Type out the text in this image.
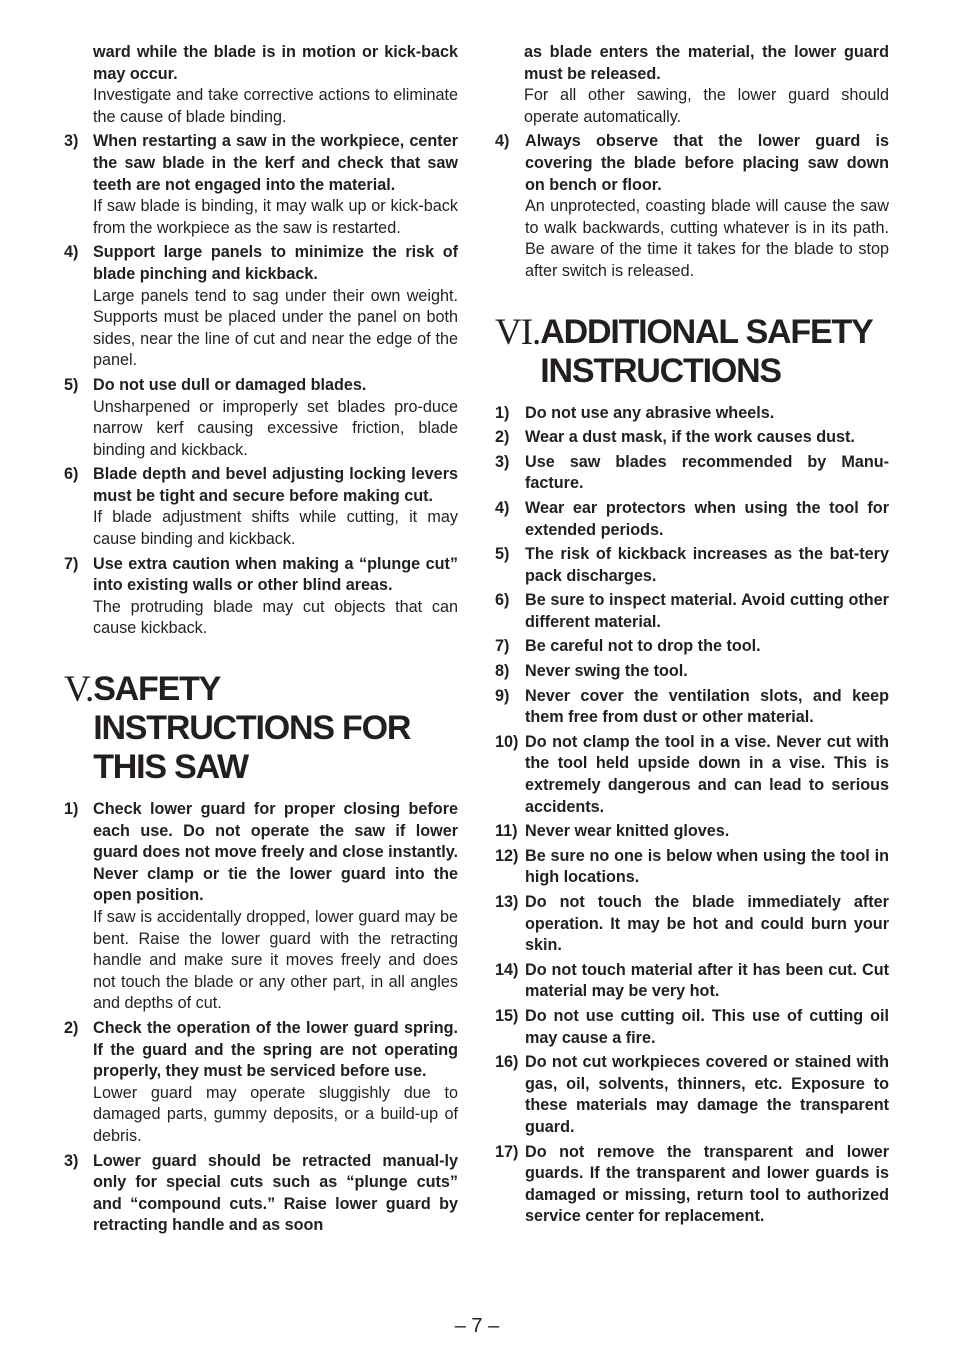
ward while the blade is in motion or kick-back may occur.
Investigate and take corrective actions to eliminate the cause of blade binding.
3) When restarting a saw in the workpiece, center the saw blade in the kerf and check that saw teeth are not engaged into the material.
If saw blade is binding, it may walk up or kick-back from the workpiece as the saw is restarted.
4) Support large panels to minimize the risk of blade pinching and kickback.
Large panels tend to sag under their own weight. Supports must be placed under the panel on both sides, near the line of cut and near the edge of the panel.
5) Do not use dull or damaged blades.
Unsharpened or improperly set blades pro-duce narrow kerf causing excessive friction, blade binding and kickback.
6) Blade depth and bevel adjusting locking levers must be tight and secure before making cut.
If blade adjustment shifts while cutting, it may cause binding and kickback.
7) Use extra caution when making a “plunge cut” into existing walls or other blind areas.
The protruding blade may cut objects that can cause kickback.
V. SAFETY INSTRUCTIONS FOR THIS SAW
1) Check lower guard for proper closing before each use. Do not operate the saw if lower guard does not move freely and close instantly. Never clamp or tie the lower guard into the open position.
If saw is accidentally dropped, lower guard may be bent. Raise the lower guard with the retracting handle and make sure it moves freely and does not touch the blade or any other part, in all angles and depths of cut.
2) Check the operation of the lower guard spring. If the guard and the spring are not operating properly, they must be serviced before use.
Lower guard may operate sluggishly due to damaged parts, gummy deposits, or a build-up of debris.
3) Lower guard should be retracted manual-ly only for special cuts such as “plunge cuts” and “compound cuts.” Raise lower guard by retracting handle and as soon
as blade enters the material, the lower guard must be released.
For all other sawing, the lower guard should operate automatically.
4) Always observe that the lower guard is covering the blade before placing saw down on bench or floor.
An unprotected, coasting blade will cause the saw to walk backwards, cutting whatever is in its path. Be aware of the time it takes for the blade to stop after switch is released.
VI. ADDITIONAL SAFETY INSTRUCTIONS
1) Do not use any abrasive wheels.
2) Wear a dust mask, if the work causes dust.
3) Use saw blades recommended by Manu-facture.
4) Wear ear protectors when using the tool for extended periods.
5) The risk of kickback increases as the bat-tery pack discharges.
6) Be sure to inspect material. Avoid cutting other different material.
7) Be careful not to drop the tool.
8) Never swing the tool.
9) Never cover the ventilation slots, and keep them free from dust or other material.
10) Do not clamp the tool in a vise. Never cut with the tool held upside down in a vise. This is extremely dangerous and can lead to serious accidents.
11) Never wear knitted gloves.
12) Be sure no one is below when using the tool in high locations.
13) Do not touch the blade immediately after operation. It may be hot and could burn your skin.
14) Do not touch material after it has been cut. Cut material may be very hot.
15) Do not use cutting oil. This use of cutting oil may cause a fire.
16) Do not cut workpieces covered or stained with gas, oil, solvents, thinners, etc. Exposure to these materials may damage the transparent guard.
17) Do not remove the transparent and lower guards. If the transparent and lower guards is damaged or missing, return tool to authorized service center for replacement.
– 7 –
